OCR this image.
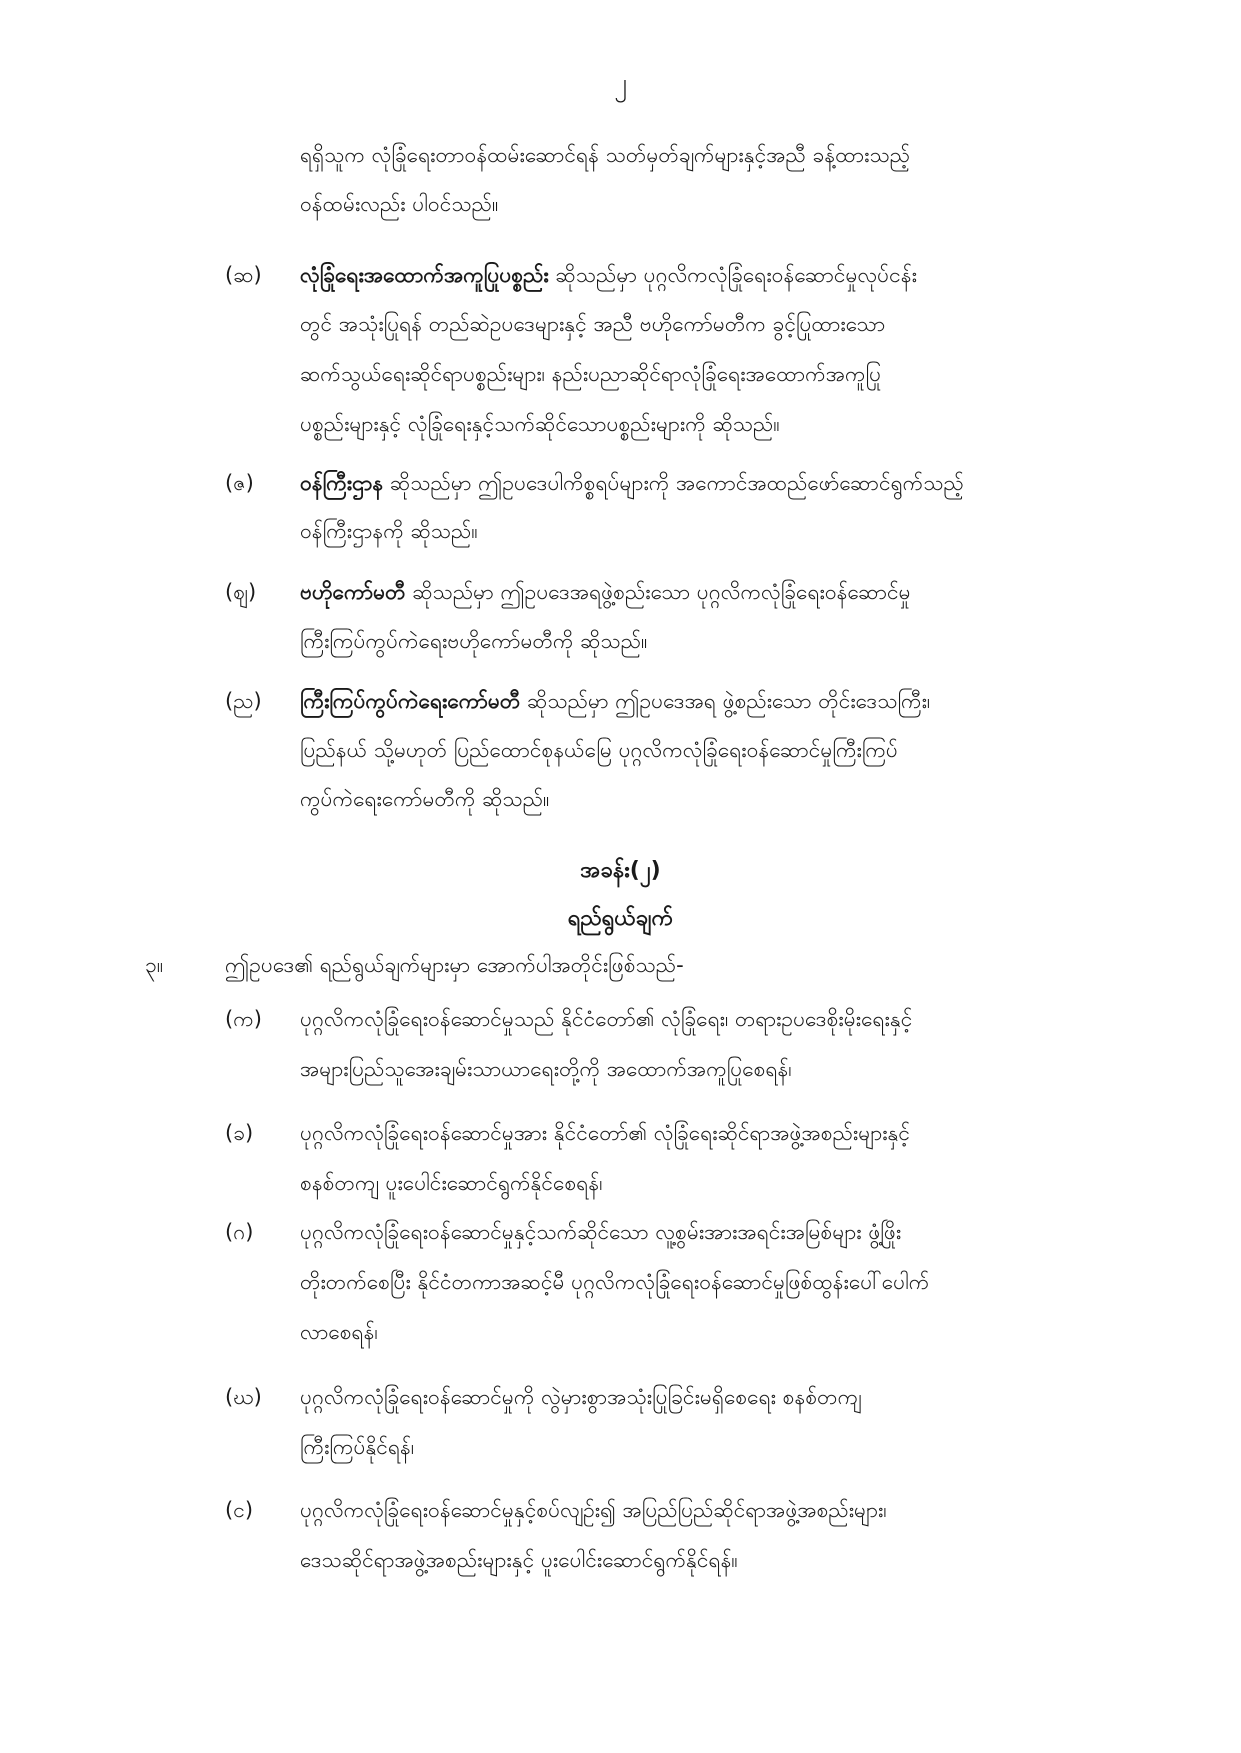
၂
ရရှိသူက လုံခြုံရေးတာဝန်ထမ်းဆောင်ရန် သတ်မှတ်ချက်များနှင့်အညီ ခန့်ထားသည့်
ဝန်ထမ်းလည်း ပါဝင်သည်။
(ဆ) လုံခြုံရေးအထောက်အကူပြုပစ္စည်း ဆိုသည်မှာ ပုဂ္ဂလိကလုံခြုံရေးဝန်ဆောင်မှုလုပ်ငန်း
တွင် အသုံးပြုရန် တည်ဆဲဥပဒေများနှင့် အညီ ဗဟိုကော်မတီက ခွင့်ပြုထားသော
ဆက်သွယ်ရေးဆိုင်ရာပစ္စည်းများ၊ နည်းပညာဆိုင်ရာလုံခြုံရေးအထောက်အကူပြု
ပစ္စည်းများနှင့် လုံခြုံရေးနှင့်သက်ဆိုင်သောပစ္စည်းများကို ဆိုသည်။
(ဇ) ဝန်ကြီးဌာန ဆိုသည်မှာ ဤဥပဒေပါကိစ္စရပ်များကို အကောင်အထည်ဖော်ဆောင်ရွက်သည့်
ဝန်ကြီးဌာနကို ဆိုသည်။
(ဈ) ဗဟိုကော်မတီ ဆိုသည်မှာ ဤဥပဒေအရဖွဲ့စည်းသော ပုဂ္ဂလိကလုံခြုံရေးဝန်ဆောင်မှု
ကြီးကြပ်ကွပ်ကဲရေးဗဟိုကော်မတီကို ဆိုသည်။
(ည) ကြီးကြပ်ကွပ်ကဲရေးကော်မတီ ဆိုသည်မှာ ဤဥပဒေအရ ဖွဲ့စည်းသော တိုင်းဒေသကြီး၊
ပြည်နယ် သို့မဟုတ် ပြည်ထောင်စုနယ်မြေ ပုဂ္ဂလိကလုံခြုံရေးဝန်ဆောင်မှုကြီးကြပ်
ကွပ်ကဲရေးကော်မတီကို ဆိုသည်။
အခန်း(၂)
ရည်ရွယ်ချက်
၃။	ဤဥပဒေ၏ ရည်ရွယ်ချက်များမှာ အောက်ပါအတိုင်းဖြစ်သည်-
(က) ပုဂ္ဂလိကလုံခြုံရေးဝန်ဆောင်မှုသည် နိုင်ငံတော်၏ လုံခြုံရေး၊ တရားဥပဒေစိုးမိုးရေးနှင့်
အများပြည်သူအေးချမ်းသာယာရေးတို့ကို အထောက်အကူပြုစေရန်၊
(ခ) ပုဂ္ဂလိကလုံခြုံရေးဝန်ဆောင်မှုအား နိုင်ငံတော်၏ လုံခြုံရေးဆိုင်ရာအဖွဲ့အစည်းများနှင့်
စနစ်တကျ ပူးပေါင်းဆောင်ရွက်နိုင်စေရန်၊
(ဂ) ပုဂ္ဂလိကလုံခြုံရေးဝန်ဆောင်မှုနှင့်သက်ဆိုင်သော လူ့စွမ်းအားအရင်းအမြစ်များ ဖွံ့ဖြိုး
တိုးတက်စေပြီး နိုင်ငံတကာအဆင့်မီ ပုဂ္ဂလိကလုံခြုံရေးဝန်ဆောင်မှုဖြစ်ထွန်းပေါ်ပေါက်
လာစေရန်၊
(ဃ) ပုဂ္ဂလိကလုံခြုံရေးဝန်ဆောင်မှုကို လွဲမှားစွာအသုံးပြုခြင်းမရှိစေရေး စနစ်တကျ
ကြီးကြပ်နိုင်ရန်၊
(င) ပုဂ္ဂလိကလုံခြုံရေးဝန်ဆောင်မှုနှင့်စပ်လျဉ်း၍ အပြည်ပြည်ဆိုင်ရာအဖွဲ့အစည်းများ၊
ဒေသဆိုင်ရာအဖွဲ့အစည်းများနှင့် ပူးပေါင်းဆောင်ရွက်နိုင်ရန်။
